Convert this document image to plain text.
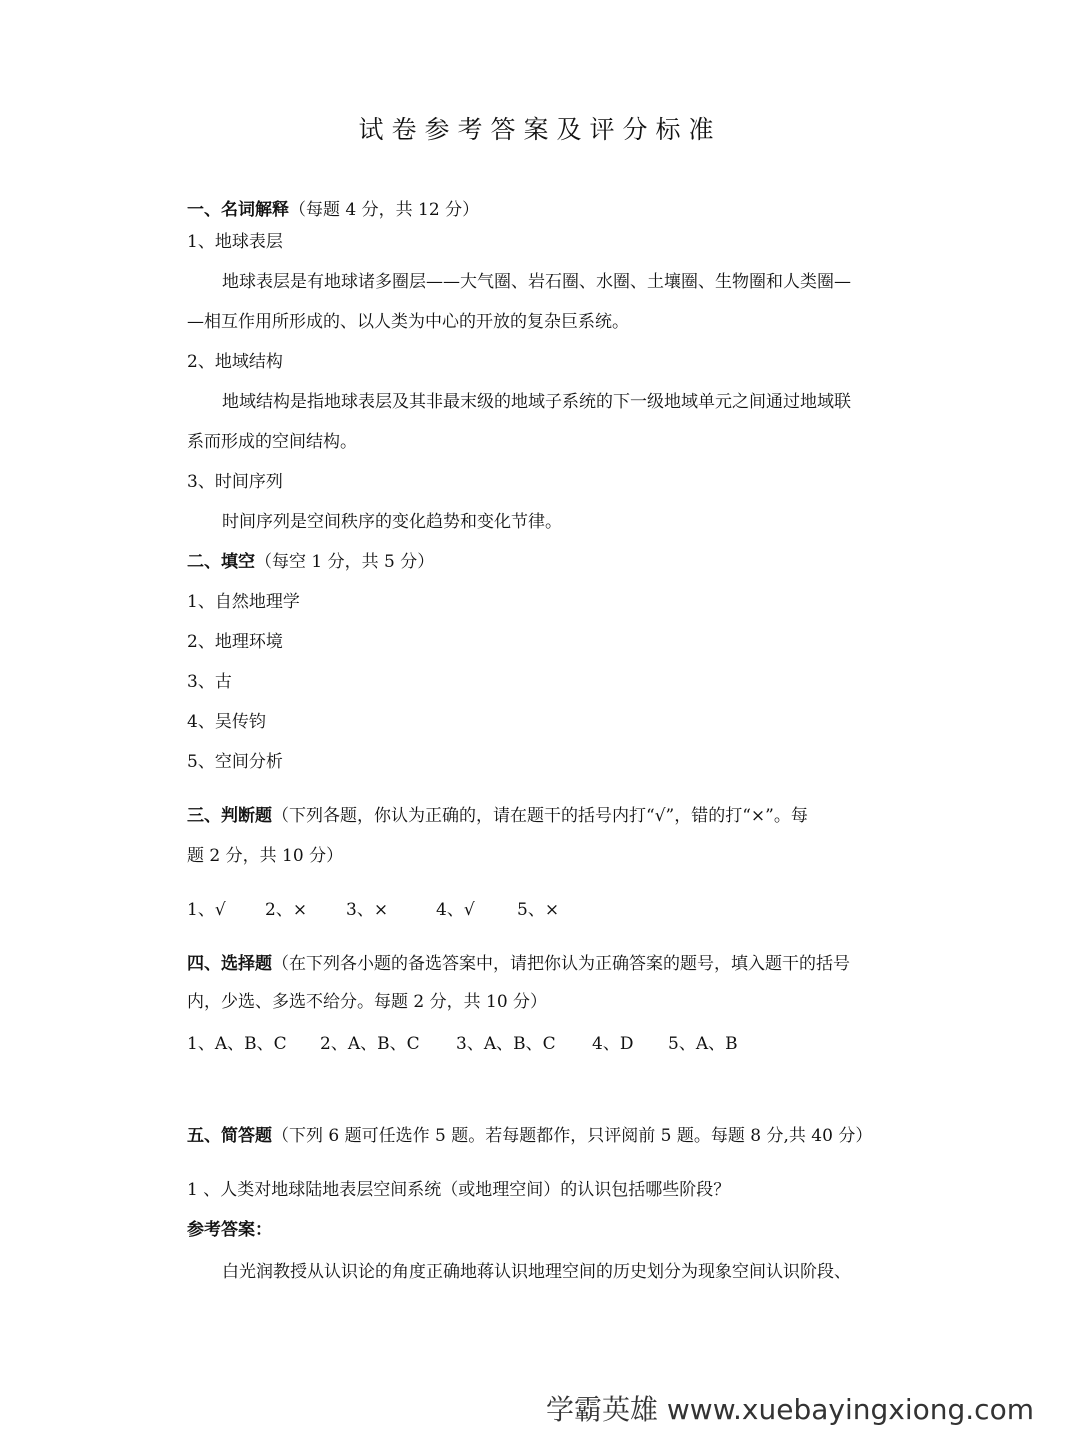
试卷参考答案及评分标准
一、名词解释（每题 4 分，共 12 分）
1、地球表层
地球表层是有地球诸多圈层——大气圈、岩石圈、水圈、土壤圈、生物圈和人类圈—
—相互作用所形成的、以人类为中心的开放的复杂巨系统。
2、地域结构
地域结构是指地球表层及其非最末级的地域子系统的下一级地域单元之间通过地域联
系而形成的空间结构。
3、时间序列
时间序列是空间秩序的变化趋势和变化节律。
二、填空（每空 1 分，共 5 分）
1、自然地理学
2、地理环境
3、古
4、吴传钧
5、空间分析
三、判断题（下列各题，你认为正确的，请在题干的括号内打“√”，错的打“×”。每
题 2 分，共 10 分）
1、√ 2、× 3、×	4、√ 5、×
四、选择题（在下列各小题的备选答案中，请把你认为正确答案的题号，填入题干的括号
内，少选、多选不给分。每题 2 分，共 10 分）
1、A、B、C 2、A、B、C 3、A、B、C 4、D 5、A、B
五、简答题（下列 6 题可任选作 5 题。若每题都作，只评阅前 5 题。每题 8 分,共 40 分）
1 、人类对地球陆地表层空间系统（或地理空间）的认识包括哪些阶段？
参考答案：
白光润教授从认识论的角度正确地蒋认识地理空间的历史划分为现象空间认识阶段、
学霸英雄 www.xuebayingxiong.com
